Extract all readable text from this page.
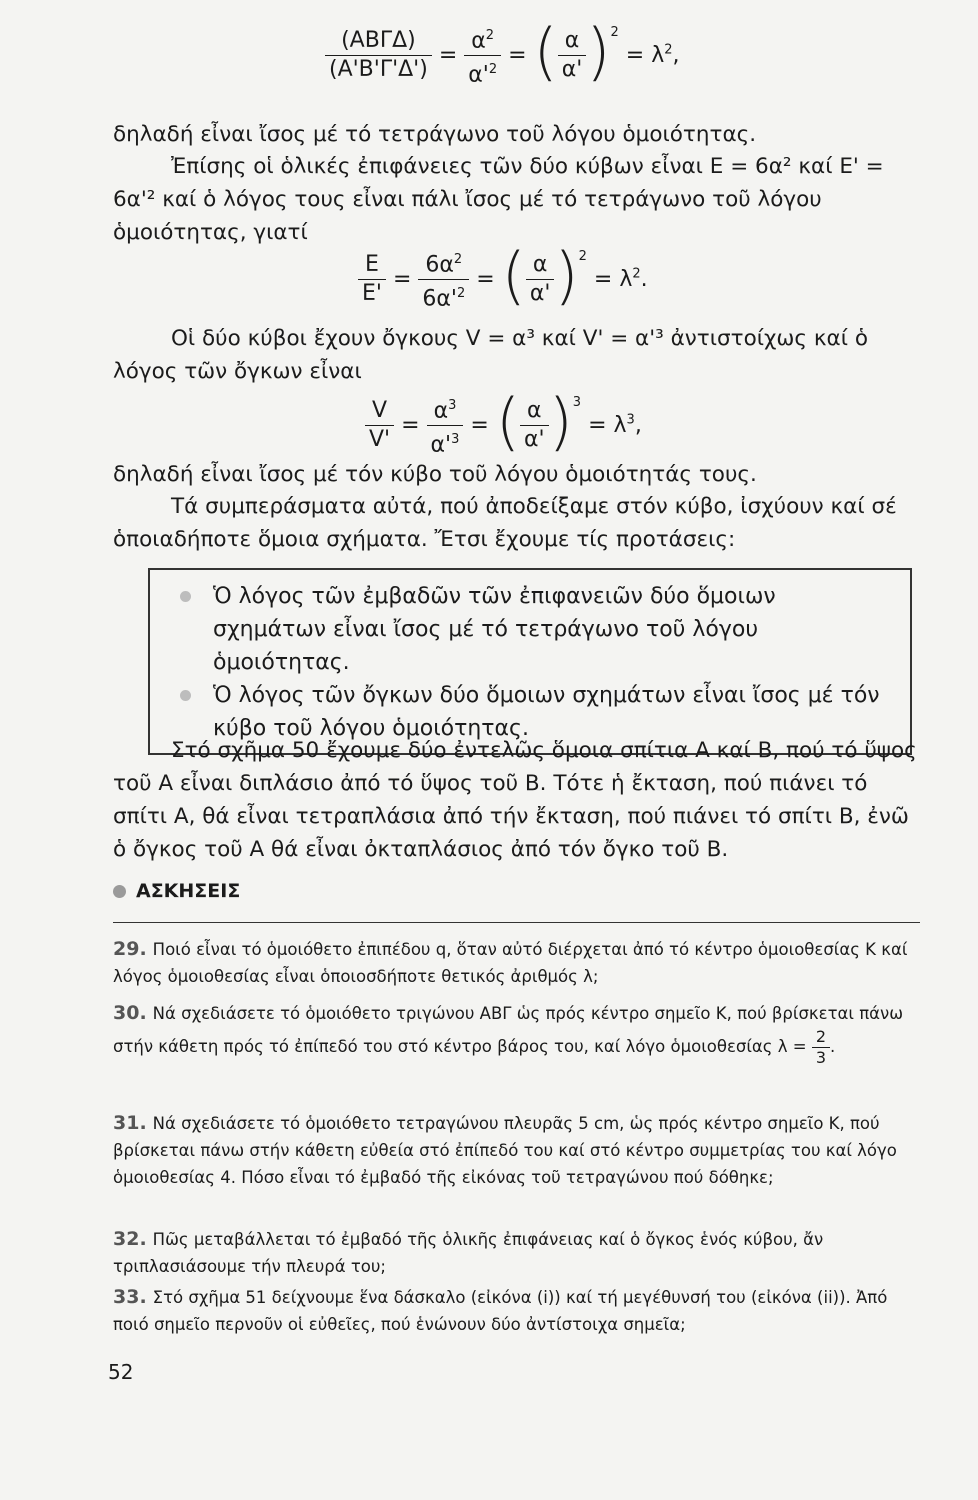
$\frac{\text{(ΑΒΓΔ)}}{(A'B'\Gamma'\Delta')} = \frac{\alpha^2}{\alpha'^2}$ = ( $\frac{\alpha}{\alpha'} )^2 = \lambda^2$,
δηλαδή εἶναι ἴσος μέ τό τετράγωνο τοῦ λόγου ὁμοιότητας.
Ἐπίσης οἱ ὁλικές ἐπιφάνειες τῶν δύο κύβων εἶναι Ε = 6α² καί Ε' = 6α'² καί ὁ λόγος τους εἶναι πάλι ἴσος μέ τό τετράγωνο τοῦ λόγου ὁμοιότητας, γιατί
$\frac{E}{E'} = \frac{6\alpha^2}{6\alpha'^2}$ = ( $\frac{\alpha}{\alpha'} )^2 = \lambda^2$.
Οἱ δύο κύβοι ἔχουν ὄγκους V = α³ καί V' = α'³ ἀντιστοίχως καί ὁ λόγος τῶν ὄγκων εἶναι
$\frac{V}{V'} = \frac{\alpha^3}{\alpha'^3}$ = ( $\frac{\alpha}{\alpha'} )^3 = \lambda^3$,
δηλαδή εἶναι ἴσος μέ τόν κύβο τοῦ λόγου ὁμοιότητάς τους.
Τά συμπεράσματα αὐτά, πού ἀποδείξαμε στόν κύβο, ἰσχύουν καί σέ ὁποιαδήποτε ὅμοια σχήματα. Ἔτσι ἔχουμε τίς προτάσεις:
Ὁ λόγος τῶν ἐμβαδῶν τῶν ἐπιφανειῶν δύο ὅμοιων σχημάτων εἶναι ἴσος μέ τό τετράγωνο τοῦ λόγου ὁμοιότητας.
Ὁ λόγος τῶν ὄγκων δύο ὅμοιων σχημάτων εἶναι ἴσος μέ τόν κύβο τοῦ λόγου ὁμοιότητας.
Στό σχῆμα 50 ἔχουμε δύο ἐντελῶς ὅμοια σπίτια Α καί Β, πού τό ὕψος τοῦ Α εἶναι διπλάσιο ἀπό τό ὕψος τοῦ Β. Τότε ἡ ἔκταση, πού πιάνει τό σπίτι Α, θά εἶναι τετραπλάσια ἀπό τήν ἔκταση, πού πιάνει τό σπίτι Β, ἐνῶ ὁ ὄγκος τοῦ Α θά εἶναι ὀκταπλάσιος ἀπό τόν ὄγκο τοῦ Β.
ΑΣΚΗΣΕΙΣ
29. Ποιό εἶναι τό ὁμοιόθετο ἐπιπέδου q, ὅταν αὐτό διέρχεται ἀπό τό κέντρο ὁμοιοθεσίας Κ καί λόγος ὁμοιοθεσίας εἶναι ὁποιοσδήποτε θετικός ἀριθμός λ;
30. Νά σχεδιάσετε τό ὁμοιόθετο τριγώνου ΑΒΓ ὡς πρός κέντρο σημεῖο Κ, πού βρίσκεται πάνω στήν κάθετη πρός τό ἐπίπεδό του στό κέντρο βάρος του, καί λόγο ὁμοιοθεσίας $\lambda = \frac{2}{3}$ .
31. Νά σχεδιάσετε τό ὁμοιόθετο τετραγώνου πλευρᾶς 5 cm, ὡς πρός κέντρο σημεῖο Κ, πού βρίσκεται πάνω στήν κάθετη εὐθεία στό ἐπίπεδό του καί στό κέντρο συμμετρίας του καί λόγο ὁμοιοθεσίας 4. Πόσο εἶναι τό ἐμβαδό τῆς εἰκόνας τοῦ τετραγώνου πού δόθηκε;
32. Πῶς μεταβάλλεται τό ἐμβαδό τῆς ὁλικῆς ἐπιφάνειας καί ὁ ὄγκος ἑνός κύβου, ἄν τριπλασιάσουμε τήν πλευρά του;
33. Στό σχῆμα 51 δείχνουμε ἕνα δάσκαλο (εἰκόνα (i)) καί τή μεγέθυνσή του (εἰκόνα (ii)). Ἀπό ποιό σημεῖο περνοῦν οἱ εὐθεῖες, πού ἑνώνουν δύο ἀντίστοιχα σημεῖα;
52
